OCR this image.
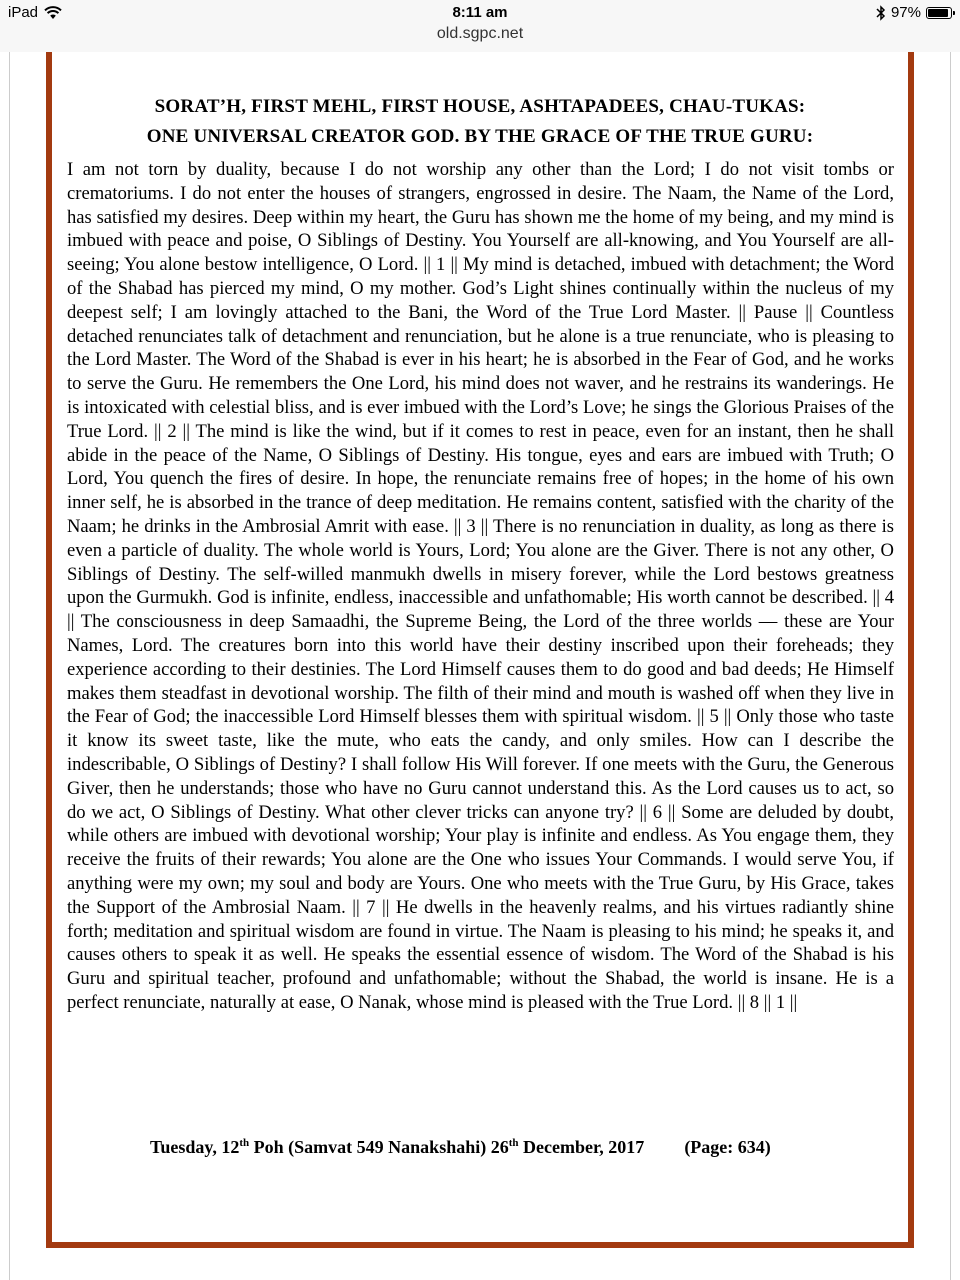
iPad	8:11 am	97%
old.sgpc.net
SORAT’H, FIRST MEHL, FIRST HOUSE, ASHTAPADEES, CHAU-TUKAS:
ONE UNIVERSAL CREATOR GOD. BY THE GRACE OF THE TRUE GURU:
I am not torn by duality, because I do not worship any other than the Lord; I do not visit tombs or crematoriums. I do not enter the houses of strangers, engrossed in desire. The Naam, the Name of the Lord, has satisfied my desires. Deep within my heart, the Guru has shown me the home of my being, and my mind is imbued with peace and poise, O Siblings of Destiny. You Yourself are all-knowing, and You Yourself are all-seeing; You alone bestow intelligence, O Lord. || 1 || My mind is detached, imbued with detachment; the Word of the Shabad has pierced my mind, O my mother. God’s Light shines continually within the nucleus of my deepest self; I am lovingly attached to the Bani, the Word of the True Lord Master. || Pause || Countless detached renunciates talk of detachment and renunciation, but he alone is a true renunciate, who is pleasing to the Lord Master. The Word of the Shabad is ever in his heart; he is absorbed in the Fear of God, and he works to serve the Guru. He remembers the One Lord, his mind does not waver, and he restrains its wanderings. He is intoxicated with celestial bliss, and is ever imbued with the Lord’s Love; he sings the Glorious Praises of the True Lord. || 2 || The mind is like the wind, but if it comes to rest in peace, even for an instant, then he shall abide in the peace of the Name, O Siblings of Destiny. His tongue, eyes and ears are imbued with Truth; O Lord, You quench the fires of desire. In hope, the renunciate remains free of hopes; in the home of his own inner self, he is absorbed in the trance of deep meditation. He remains content, satisfied with the charity of the Naam; he drinks in the Ambrosial Amrit with ease. || 3 || There is no renunciation in duality, as long as there is even a particle of duality. The whole world is Yours, Lord; You alone are the Giver. There is not any other, O Siblings of Destiny. The self-willed manmukh dwells in misery forever, while the Lord bestows greatness upon the Gurmukh. God is infinite, endless, inaccessible and unfathomable; His worth cannot be described. || 4 || The consciousness in deep Samaadhi, the Supreme Being, the Lord of the three worlds — these are Your Names, Lord. The creatures born into this world have their destiny inscribed upon their foreheads; they experience according to their destinies. The Lord Himself causes them to do good and bad deeds; He Himself makes them steadfast in devotional worship. The filth of their mind and mouth is washed off when they live in the Fear of God; the inaccessible Lord Himself blesses them with spiritual wisdom. || 5 || Only those who taste it know its sweet taste, like the mute, who eats the candy, and only smiles. How can I describe the indescribable, O Siblings of Destiny? I shall follow His Will forever. If one meets with the Guru, the Generous Giver, then he understands; those who have no Guru cannot understand this. As the Lord causes us to act, so do we act, O Siblings of Destiny. What other clever tricks can anyone try? || 6 || Some are deluded by doubt, while others are imbued with devotional worship; Your play is infinite and endless. As You engage them, they receive the fruits of their rewards; You alone are the One who issues Your Commands. I would serve You, if anything were my own; my soul and body are Yours. One who meets with the True Guru, by His Grace, takes the Support of the Ambrosial Naam. || 7 || He dwells in the heavenly realms, and his virtues radiantly shine forth; meditation and spiritual wisdom are found in virtue. The Naam is pleasing to his mind; he speaks it, and causes others to speak it as well. He speaks the essential essence of wisdom. The Word of the Shabad is his Guru and spiritual teacher, profound and unfathomable; without the Shabad, the world is insane. He is a perfect renunciate, naturally at ease, O Nanak, whose mind is pleased with the True Lord. || 8 || 1 ||
Tuesday, 12th Poh (Samvat 549 Nanakshahi) 26th December, 2017 (Page: 634)
